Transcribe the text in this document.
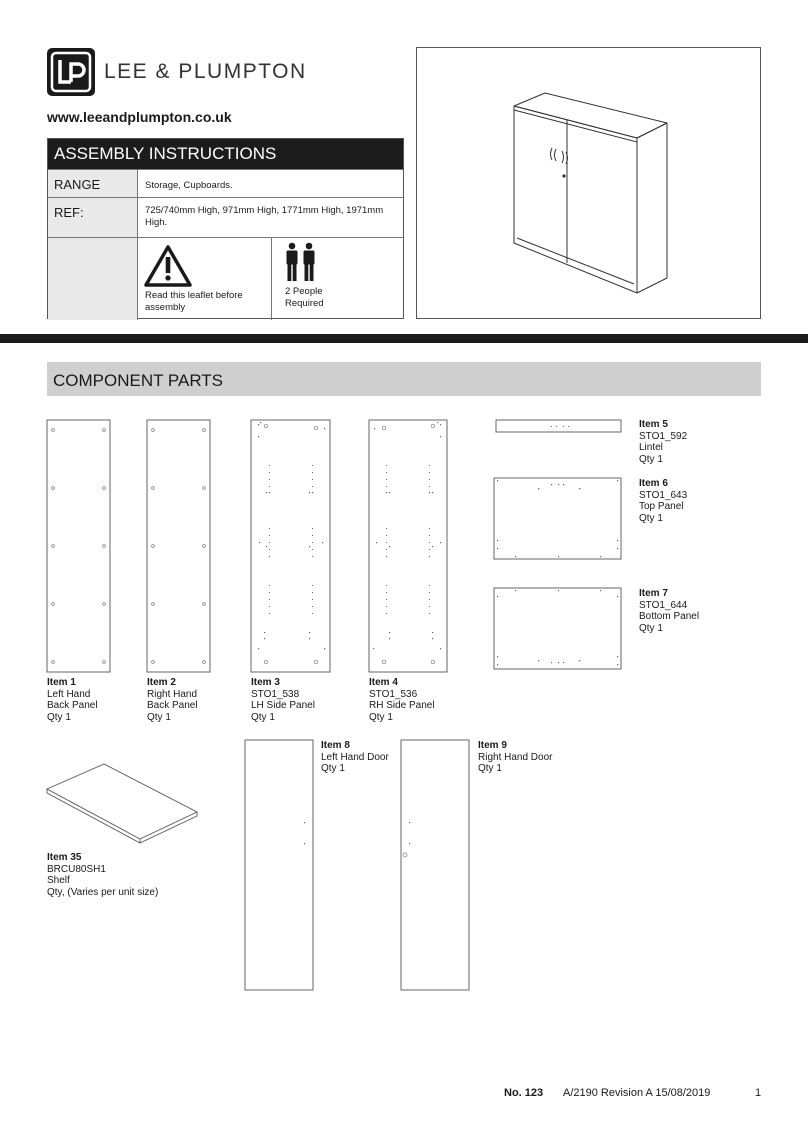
LEE & PLUMPTON
www.leeandplumpton.co.uk
ASSEMBLY INSTRUCTIONS
RANGE	Storage, Cupboards.
REF:	725/740mm High, 971mm High, 1771mm High, 1971mm High.
Read this leaflet before assembly
2 People Required
COMPONENT PARTS
Item 1
Left Hand
Back Panel
Qty 1
Item 2
Right Hand
Back Panel
Qty 1
Item 3
STO1_538
LH Side Panel
Qty 1
Item 4
STO1_536
RH Side Panel
Qty 1
Item 5
STO1_592
Lintel
Qty 1
Item 6
STO1_643
Top Panel
Qty 1
Item 7
STO1_644
Bottom Panel
Qty 1
Item 8
Left Hand Door
Qty 1
Item 9
Right Hand Door
Qty 1
Item 35
BRCU80SH1
Shelf
Qty, (Varies per unit size)
No. 123 A/2190 Revision A 15/08/2019	1
